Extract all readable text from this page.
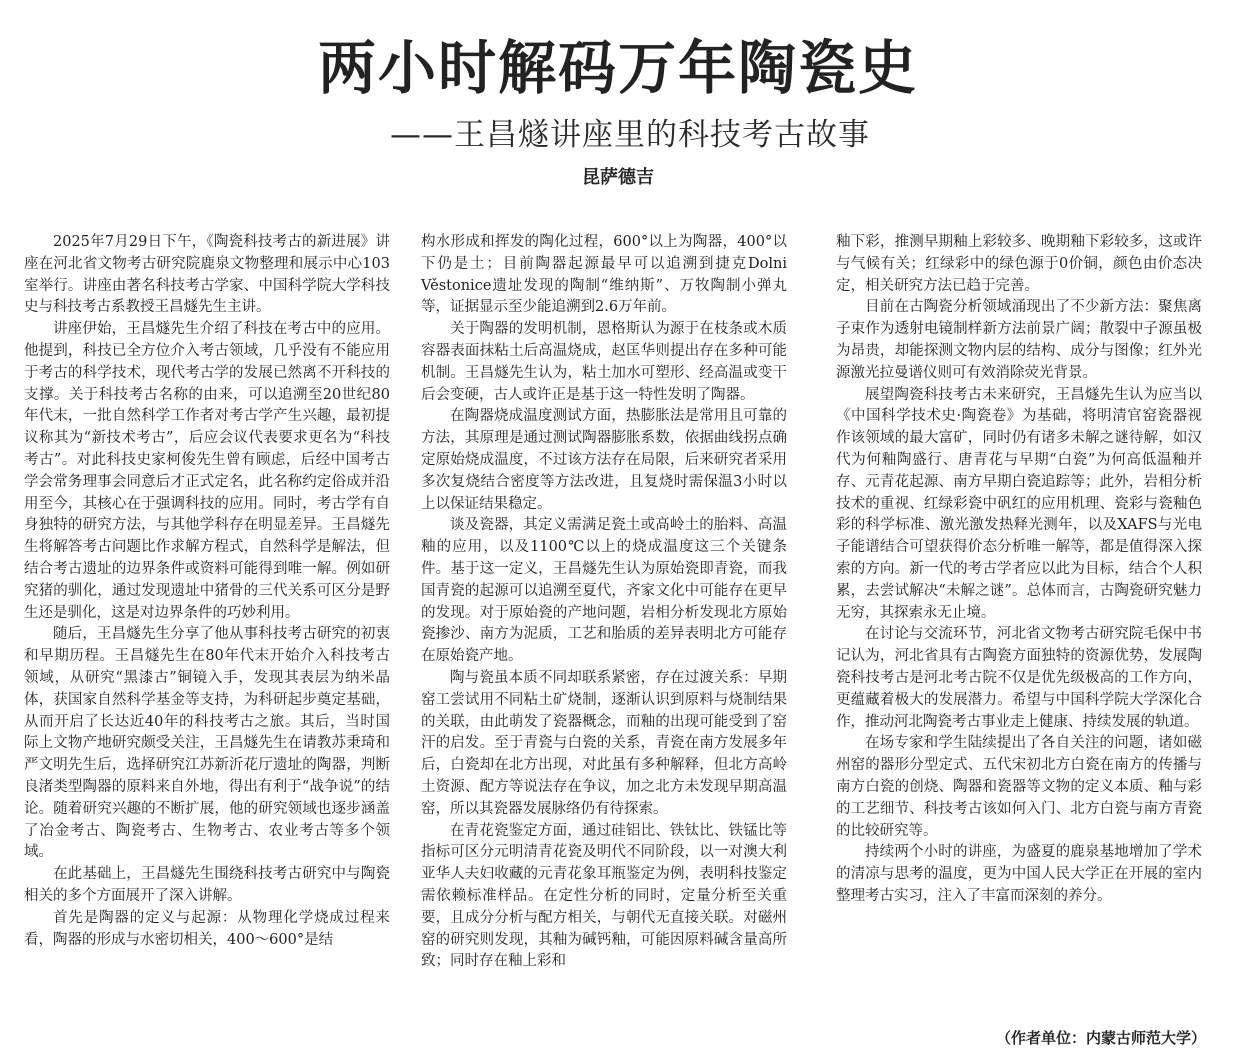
两小时解码万年陶瓷史
——王昌燧讲座里的科技考古故事
昆萨德吉

2025年7月29日下午，《陶瓷科技考古的新进展》讲座在河北省文物考古研究院鹿泉文物整理和展示中心103室举行。讲座由著名科技考古学家、中国科学院大学科技史与科技考古系教授王昌燧先生主讲。

讲座伊始，王昌燧先生介绍了科技在考古中的应用。他提到，科技已全方位介入考古领域，几乎没有不能应用于考古的科学技术，现代考古学的发展已然离不开科技的支撑。关于科技考古名称的由来，可以追溯至20世纪80年代末，一批自然科学工作者对考古学产生兴趣，最初提议称其为“新技术考古”，后应会议代表要求更名为“科技考古”。对此科技史家柯俊先生曾有顾虑，后经中国考古学会常务理事会同意后才正式定名，此名称约定俗成并沿用至今，其核心在于强调科技的应用。同时，考古学有自身独特的研究方法，与其他学科存在明显差异。王昌燧先生将解答考古问题比作求解方程式，自然科学是解法，但结合考古遗址的边界条件或资料可能得到唯一解。例如研究猪的驯化，通过发现遗址中猪骨的三代关系可区分是野生还是驯化，这是对边界条件的巧妙利用。

随后，王昌燧先生分享了他从事科技考古研究的初衷和早期历程。王昌燧先生在80年代末开始介入科技考古领域，从研究“黑漆古”铜镜入手，发现其表层为纳米晶体，获国家自然科学基金等支持，为科研起步奠定基础，从而开启了长达近40年的科技考古之旅。其后，当时国际上文物产地研究颇受关注，王昌燧先生在请教苏秉琦和严文明先生后，选择研究江苏新沂花厅遗址的陶器，判断良渚类型陶器的原料来自外地，得出有利于“战争说”的结论。随着研究兴趣的不断扩展，他的研究领域也逐步涵盖了冶金考古、陶瓷考古、生物考古、农业考古等多个领域。

在此基础上，王昌燧先生围绕科技考古研究中与陶瓷相关的多个方面展开了深入讲解。

首先是陶器的定义与起源：从物理化学烧成过程来看，陶器的形成与水密切相关，400～600°是结

构水形成和挥发的陶化过程，600°以上为陶器，400°以下仍是土；目前陶器起源最早可以追溯到捷克Dolni Věstonice遗址发现的陶制“维纳斯”、万牧陶制小弹丸等，证据显示至少能追溯到2.6万年前。

关于陶器的发明机制，恩格斯认为源于在枝条或木质容器表面抹粘土后高温烧成，赵匡华则提出存在多种可能机制。王昌燧先生认为，粘土加水可塑形、经高温或变干后会变硬，古人或许正是基于这一特性发明了陶器。

在陶器烧成温度测试方面，热膨胀法是常用且可靠的方法，其原理是通过测试陶器膨胀系数，依据曲线拐点确定原始烧成温度，不过该方法存在局限，后来研究者采用多次复烧结合密度等方法改进，且复烧时需保温3小时以上以保证结果稳定。

谈及瓷器，其定义需满足瓷土或高岭土的胎料、高温釉的应用，以及1100℃以上的烧成温度这三个关键条件。基于这一定义，王昌燧先生认为原始瓷即青瓷，而我国青瓷的起源可以追溯至夏代，齐家文化中可能存在更早的发现。对于原始瓷的产地问题，岩相分析发现北方原始瓷掺沙、南方为泥质，工艺和胎质的差异表明北方可能存在原始瓷产地。

陶与瓷虽本质不同却联系紧密，存在过渡关系：早期窑工尝试用不同粘土矿烧制，逐渐认识到原料与烧制结果的关联，由此萌发了瓷器概念，而釉的出现可能受到了窑汗的启发。至于青瓷与白瓷的关系，青瓷在南方发展多年后，白瓷却在北方出现，对此虽有多种解释，但北方高岭土资源、配方等说法存在争议，加之北方未发现早期高温窑，所以其瓷器发展脉络仍有待探索。

在青花瓷鉴定方面，通过硅铝比、铁钛比、铁锰比等指标可区分元明清青花瓷及明代不同阶段，以一对澳大利亚华人夫妇收藏的元青花象耳瓶鉴定为例，表明科技鉴定需依赖标准样品。在定性分析的同时，定量分析至关重要，且成分分析与配方相关，与朝代无直接关联。对磁州窑的研究则发现，其釉为碱钙釉，可能因原料碱含量高所致；同时存在釉上彩和

釉下彩，推测早期釉上彩较多、晚期釉下彩较多，这或许与气候有关；红绿彩中的绿色源于0价铜，颜色由价态决定，相关研究方法已趋于完善。

目前在古陶瓷分析领域涌现出了不少新方法：聚焦离子束作为透射电镜制样新方法前景广阔；散裂中子源虽极为昂贵，却能探测文物内层的结构、成分与图像；红外光源激光拉曼谱仪则可有效消除荧光背景。

展望陶瓷科技考古未来研究，王昌燧先生认为应当以《中国科学技术史·陶瓷卷》为基础，将明清官窑瓷器视作该领域的最大富矿，同时仍有诸多未解之谜待解，如汉代为何釉陶盛行、唐青花与早期“白瓷”为何高低温釉并存、元青花起源、南方早期白瓷追踪等；此外，岩相分析技术的重视、红绿彩瓷中矾红的应用机理、瓷彩与瓷釉色彩的科学标准、激光激发热释光测年，以及XAFS与光电子能谱结合可望获得价态分析唯一解等，都是值得深入探索的方向。新一代的考古学者应以此为目标，结合个人积累，去尝试解决“未解之谜”。总体而言，古陶瓷研究魅力无穷，其探索永无止境。

在讨论与交流环节，河北省文物考古研究院毛保中书记认为，河北省具有古陶瓷方面独特的资源优势，发展陶瓷科技考古是河北考古院不仅是优先级极高的工作方向，更蕴藏着极大的发展潜力。希望与中国科学院大学深化合作，推动河北陶瓷考古事业走上健康、持续发展的轨道。

在场专家和学生陆续提出了各自关注的问题，诸如磁州窑的器形分型定式、五代宋初北方白瓷在南方的传播与南方白瓷的创烧、陶器和瓷器等文物的定义本质、釉与彩的工艺细节、科技考古该如何入门、北方白瓷与南方青瓷的比较研究等。

持续两个小时的讲座，为盛夏的鹿泉基地增加了学术的清凉与思考的温度，更为中国人民大学正在开展的室内整理考古实习，注入了丰富而深刻的养分。

（作者单位：内蒙古师范大学）
